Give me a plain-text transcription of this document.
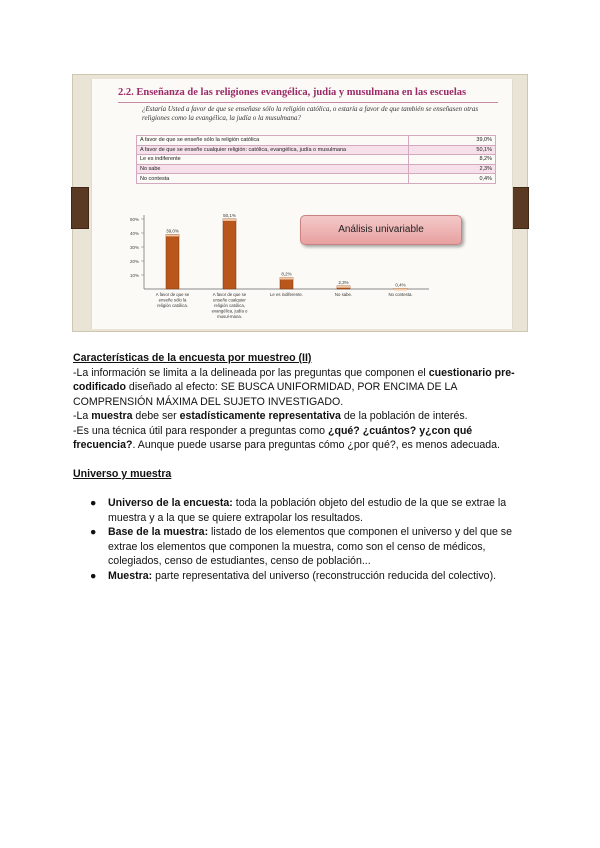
2.2. Enseñanza de las religiones evangélica, judía y musulmana en las escuelas
¿Estaría Usted a favor de que se enseñase sólo la religión católica, o estaría a favor de que también se enseñasen otras religiones como la evangélica, la judía o la musulmana?
A favor de que se enseñe sólo la religión católica	39,0%
A favor de que se enseñe cualquier religión: católica, evangélica, judía o musulmana	50,1%
Le es indiferente	8,2%
No sabe	2,3%
No contesta	0,4%
10%
20%
30%
40%
50%
39,0%
A favor de que se
enseñe sólo la
religión católica.
50,1%
A favor de que se
enseñe cualquier
religión católica,
evangélica, judía o
musul-mana.
8,2%
Le es indiferente.
2,3%
No sabe.
0,4%
No contesta.
Análisis univariable

Características de la encuesta por muestreo (II)

-La información se limita a la delineada por las preguntas que componen el cuestionario pre-codificado diseñado al efecto: SE BUSCA UNIFORMIDAD, POR ENCIMA DE LA COMPRENSIÓN MÁXIMA DEL SUJETO INVESTIGADO.

-La muestra debe ser estadísticamente representativa de la población de interés.

-Es una técnica útil para responder a preguntas como ¿qué? ¿cuántos? y¿con qué frecuencia?. Aunque puede usarse para preguntas cómo ¿por qué?, es menos adecuada.

Universo y muestra

● Universo de la encuesta: toda la población objeto del estudio de la que se extrae la muestra y a la que se quiere extrapolar los resultados.
● Base de la muestra: listado de los elementos que componen el universo y del que se extrae los elementos que componen la muestra, como son el censo de médicos, colegiados, censo de estudiantes, censo de población...
● Muestra: parte representativa del universo (reconstrucción reducida del colectivo).
